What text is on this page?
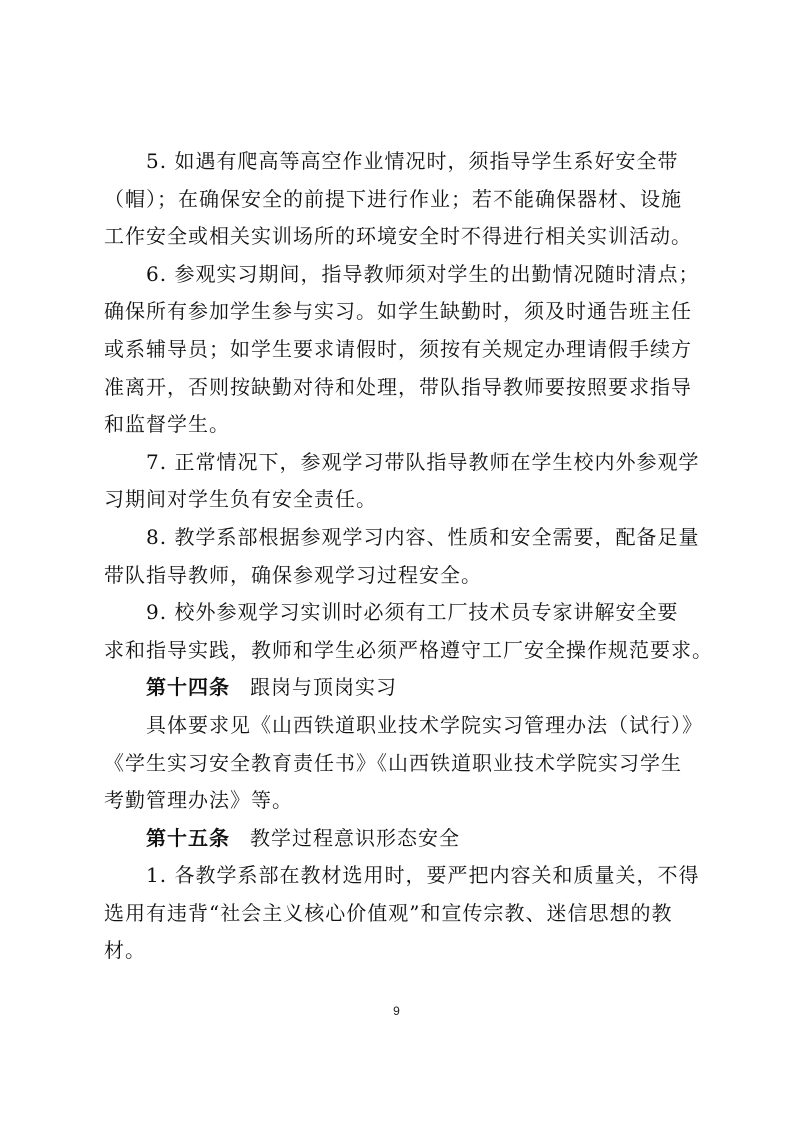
5. 如遇有爬高等高空作业情况时，须指导学生系好安全带
（帽）；在确保安全的前提下进行作业；若不能确保器材、设施
工作安全或相关实训场所的环境安全时不得进行相关实训活动。
6. 参观实习期间，指导教师须对学生的出勤情况随时清点；
确保所有参加学生参与实习。如学生缺勤时，须及时通告班主任
或系辅导员；如学生要求请假时，须按有关规定办理请假手续方
准离开，否则按缺勤对待和处理，带队指导教师要按照要求指导
和监督学生。
7. 正常情况下，参观学习带队指导教师在学生校内外参观学
习期间对学生负有安全责任。
8. 教学系部根据参观学习内容、性质和安全需要，配备足量
带队指导教师，确保参观学习过程安全。
9. 校外参观学习实训时必须有工厂技术员专家讲解安全要
求和指导实践，教师和学生必须严格遵守工厂安全操作规范要求。
第十四条 跟岗与顶岗实习
具体要求见《山西铁道职业技术学院实习管理办法（试行）》
《学生实习安全教育责任书》《山西铁道职业技术学院实习学生
考勤管理办法》等。
第十五条 教学过程意识形态安全
1. 各教学系部在教材选用时，要严把内容关和质量关，不得
选用有违背“社会主义核心价值观”和宣传宗教、迷信思想的教
材。
9
